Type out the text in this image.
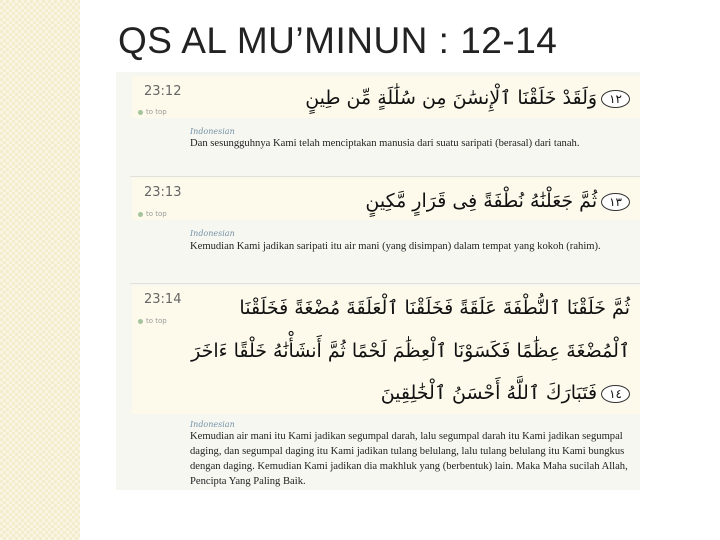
QS AL MU’MINUN : 12-14
23:12
to top
١٢وَلَقَدْ خَلَقْنَا ٱلْإِنسَٰنَ مِن سُلَٰلَةٍ مِّن طِينٍ
Indonesian
Dan sesungguhnya Kami telah menciptakan manusia dari suatu saripati (berasal) dari tanah.
23:13
to top
١٣ثُمَّ جَعَلْنَٰهُ نُطْفَةً فِى قَرَارٍ مَّكِينٍ
Indonesian
Kemudian Kami jadikan saripati itu air mani (yang disimpan) dalam tempat yang kokoh (rahim).
23:14
to top
ثُمَّ خَلَقْنَا ٱلنُّطْفَةَ عَلَقَةً فَخَلَقْنَا ٱلْعَلَقَةَ مُضْغَةً فَخَلَقْنَا
ٱلْمُضْغَةَ عِظَٰمًا فَكَسَوْنَا ٱلْعِظَٰمَ لَحْمًا ثُمَّ أَنشَأْنَٰهُ خَلْقًا ءَاخَرَ
١٤فَتَبَارَكَ ٱللَّهُ أَحْسَنُ ٱلْخَٰلِقِينَ
Indonesian
Kemudian air mani itu Kami jadikan segumpal darah, lalu segumpal darah itu Kami jadikan segumpal daging, dan segumpal daging itu Kami jadikan tulang belulang, lalu tulang belulang itu Kami bungkus dengan daging. Kemudian Kami jadikan dia makhluk yang (berbentuk) lain. Maka Maha sucilah Allah, Pencipta Yang Paling Baik.
